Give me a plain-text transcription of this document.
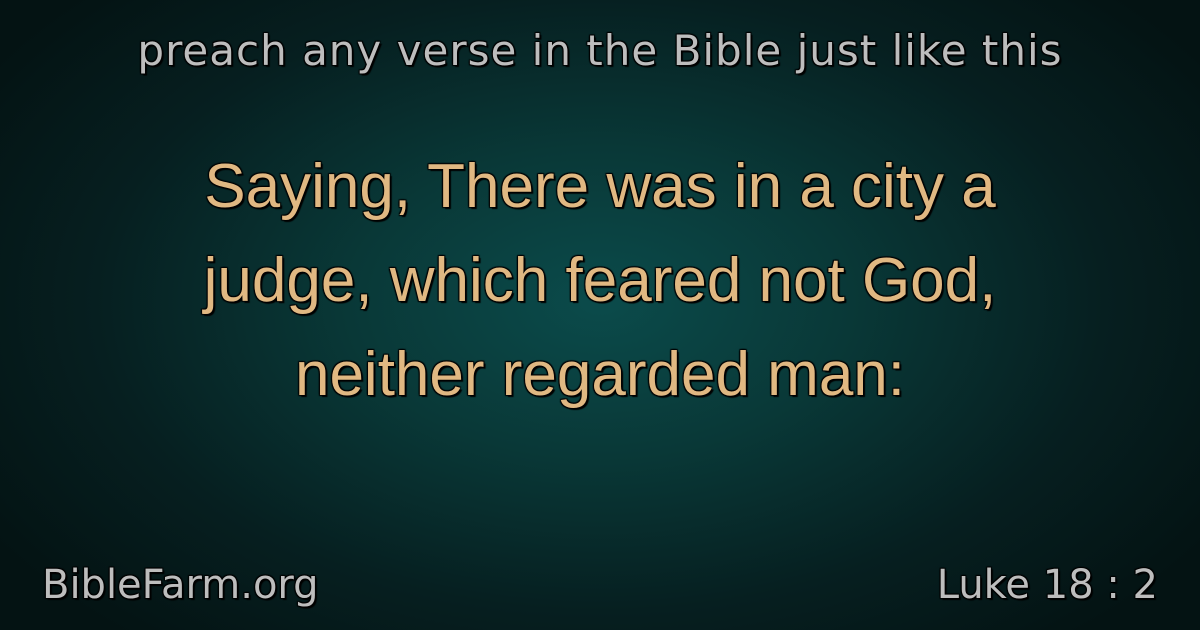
preach any verse in the Bible just like this
Saying, There was in a city a
judge, which feared not God,
neither regarded man:
BibleFarm.org	Luke 18 : 2
